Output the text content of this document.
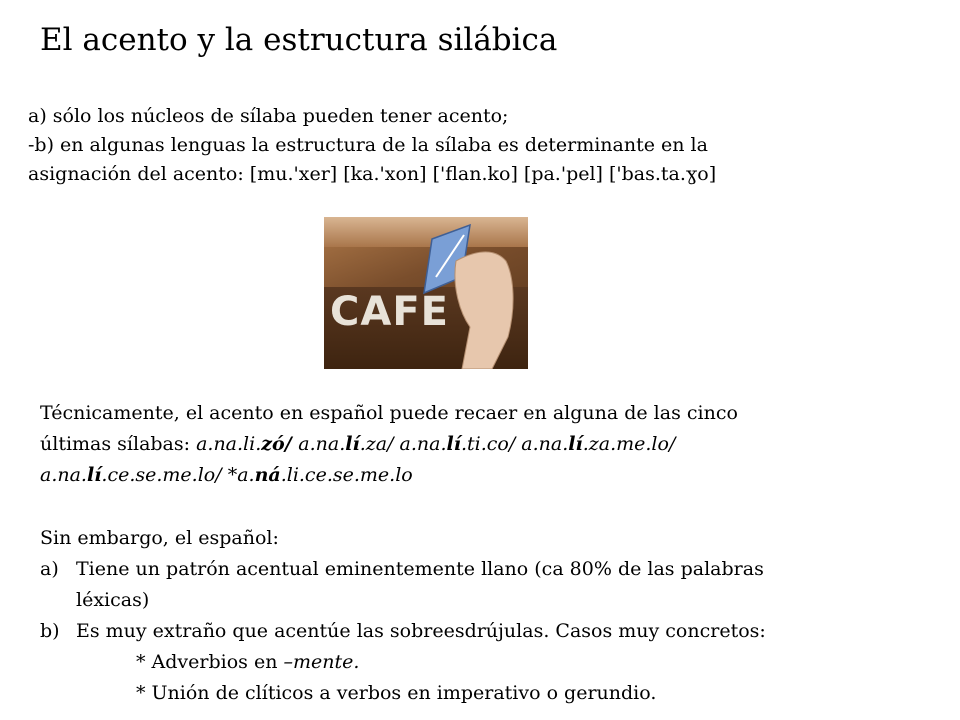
El acento y la estructura silábica
a) sólo los núcleos de sílaba pueden tener acento;
-b) en algunas lenguas la estructura de la sílaba es determinante en la
asignación del acento: [mu.'xer] [ka.'xon] ['flan.ko] [pa.'pel] ['bas.ta.ɣo]
CAFE
Técnicamente, el acento en español puede recaer en alguna de las cinco
últimas sílabas: a.na.li.zó/ a.na.lí.za/ a.na.lí.ti.co/ a.na.lí.za.me.lo/
a.na.lí.ce.se.me.lo/ *a.ná.li.ce.se.me.lo
Sin embargo, el español:
a) Tiene un patrón acentual eminentemente llano (ca 80% de las palabras
léxicas)
b) Es muy extraño que acentúe las sobreesdrújulas. Casos muy concretos:
* Adverbios en –mente.
* Unión de clíticos a verbos en imperativo o gerundio.
